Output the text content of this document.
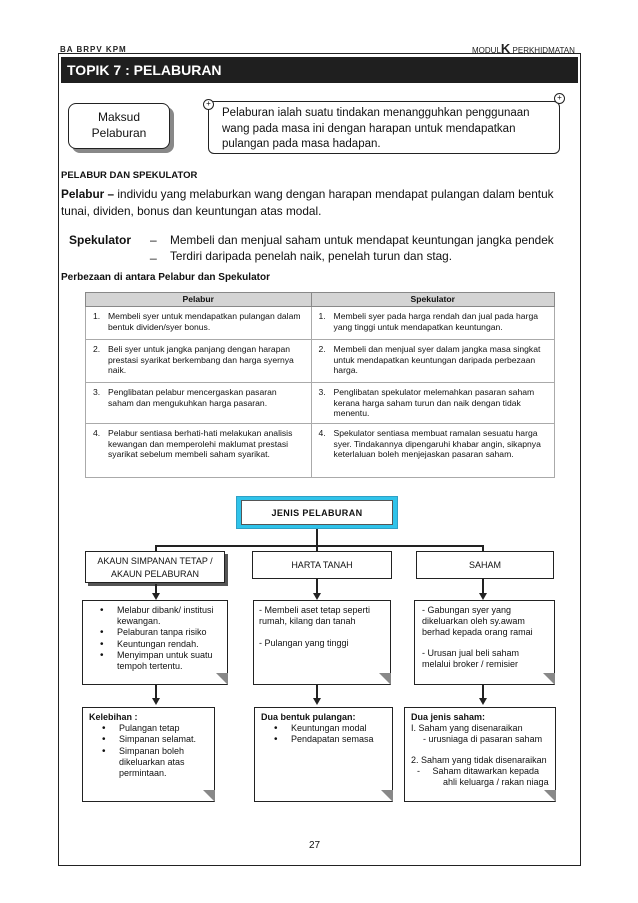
BA BRPV KPM	MODULK PERKHIDMATAN
TOPIK 7 : PELABURAN
Maksud
Pelaburan
+
+
Pelaburan ialah suatu tindakan menangguhkan penggunaan
wang pada masa ini dengan harapan untuk mendapatkan
pulangan pada masa hadapan.
PELABUR DAN SPEKULATOR
Pelabur – individu yang melaburkan wang dengan harapan mendapat pulangan dalam bentuk
tunai, dividen, bonus dan keuntungan atas modal.
Spekulator – Membeli dan menjual saham untuk mendapat keuntungan jangka pendek
_ Terdiri daripada penelah naik, penelah turun dan stag.
Perbezaan di antara Pelabur dan Spekulator
Pelabur	Spekulator

1. Membeli syer untuk mendapatkan pulangan dalam bentuk dividen/syer bonus.	1. Membeli syer pada harga rendah dan jual pada harga yang tinggi untuk mendapatkan keuntungan.

2. Beli syer untuk jangka panjang dengan harapan prestasi syarikat berkembang dan harga syernya naik.	2. Membeli dan menjual syer dalam jangka masa singkat untuk mendapatkan keuntungan daripada perbezaan harga.

3. Penglibatan pelabur mencergaskan pasaran saham dan mengukuhkan harga pasaran.	3. Penglibatan spekulator melemahkan pasaran saham kerana harga saham turun dan naik dengan tidak menentu.

4. Pelabur sentiasa berhati-hati melakukan analisis kewangan dan memperolehi maklumat prestasi syarikat sebelum membeli saham syarikat.	4. Spekulator sentiasa membuat ramalan sesuatu harga syer. Tindakannya dipengaruhi khabar angin, sikapnya keterlaluan boleh menjejaskan pasaran saham.
JENIS PELABURAN
AKAUN SIMPANAN TETAP /
AKAUN PELABURAN
HARTA TANAH	SAHAM
• Melabur dibank/ institusi kewangan.
• Pelaburan tanpa risiko
• Keuntungan rendah.
• Menyimpan untuk suatu tempoh tertentu.
- Membeli aset tetap seperti rumah, kilang dan tanah
- Pulangan yang tinggi
- Gabungan syer yang dikeluarkan oleh sy.awam berhad kepada orang ramai
- Urusan jual beli saham melalui broker / remisier
Kelebihan :
• Pulangan tetap
• Simpanan selamat.
• Simpanan boleh dikeluarkan atas permintaan.
Dua bentuk pulangan:
• Keuntungan modal
• Pendapatan semasa
Dua jenis saham:
I. Saham yang disenaraikan
- urusniaga di pasaran saham
2. Saham yang tidak disenaraikan
-     Saham ditawarkan kepada
ahli keluarga / rakan niaga
27
